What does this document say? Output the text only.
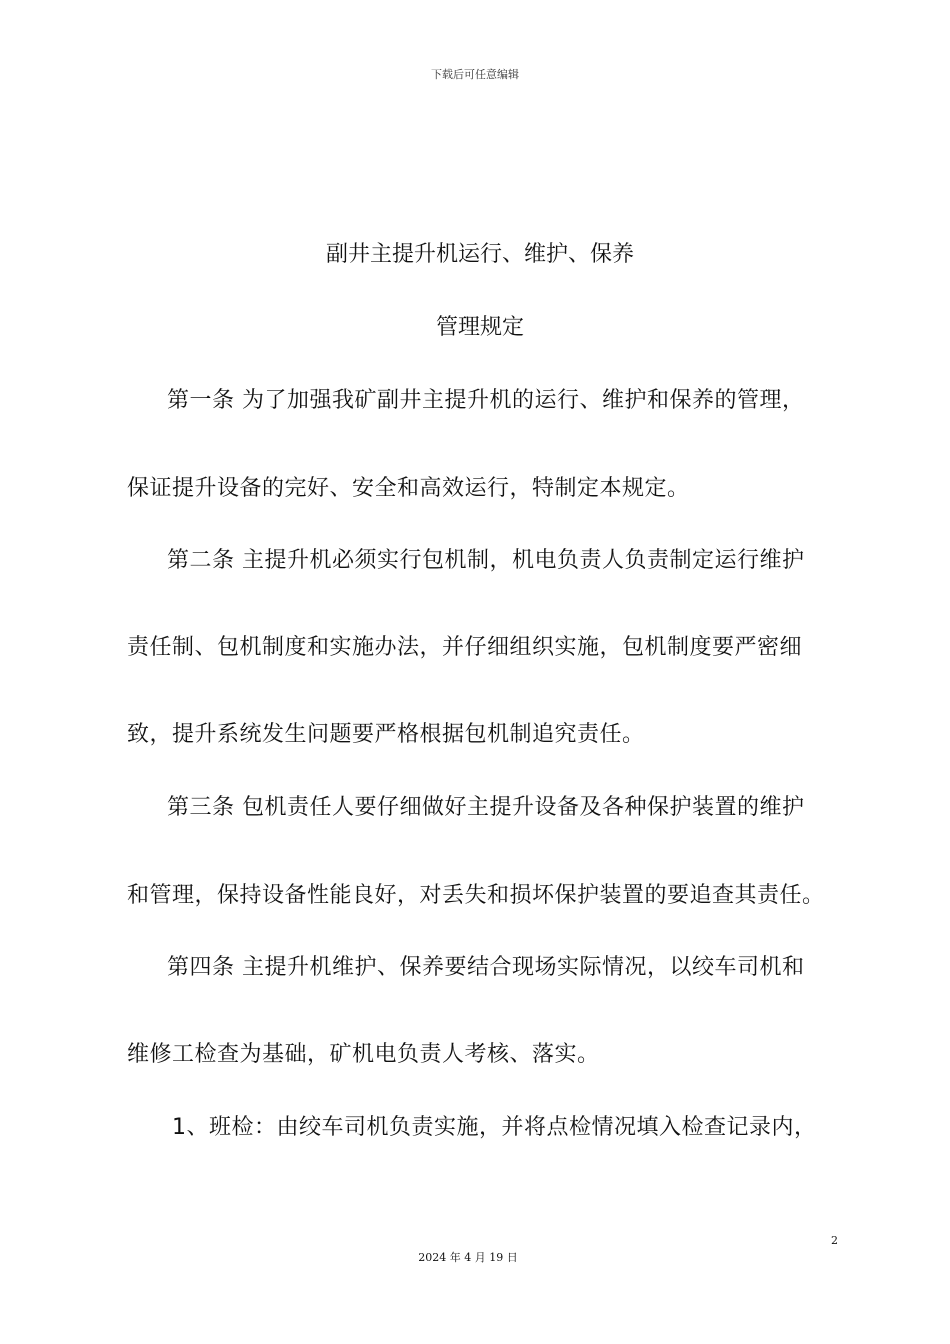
下载后可任意编辑
副井主提升机运行、维护、保养
管理规定
第一条 为了加强我矿副井主提升机的运行、维护和保养的管理，
保证提升设备的完好、安全和高效运行，特制定本规定。
第二条 主提升机必须实行包机制，机电负责人负责制定运行维护
责任制、包机制度和实施办法，并仔细组织实施，包机制度要严密细
致，提升系统发生问题要严格根据包机制追究责任。
第三条 包机责任人要仔细做好主提升设备及各种保护装置的维护
和管理，保持设备性能良好，对丢失和损坏保护装置的要追查其责任。
第四条 主提升机维护、保养要结合现场实际情况，以绞车司机和
维修工检查为基础，矿机电负责人考核、落实。
1、班检：由绞车司机负责实施，并将点检情况填入检查记录内，
2
2024 年 4 月 19 日
